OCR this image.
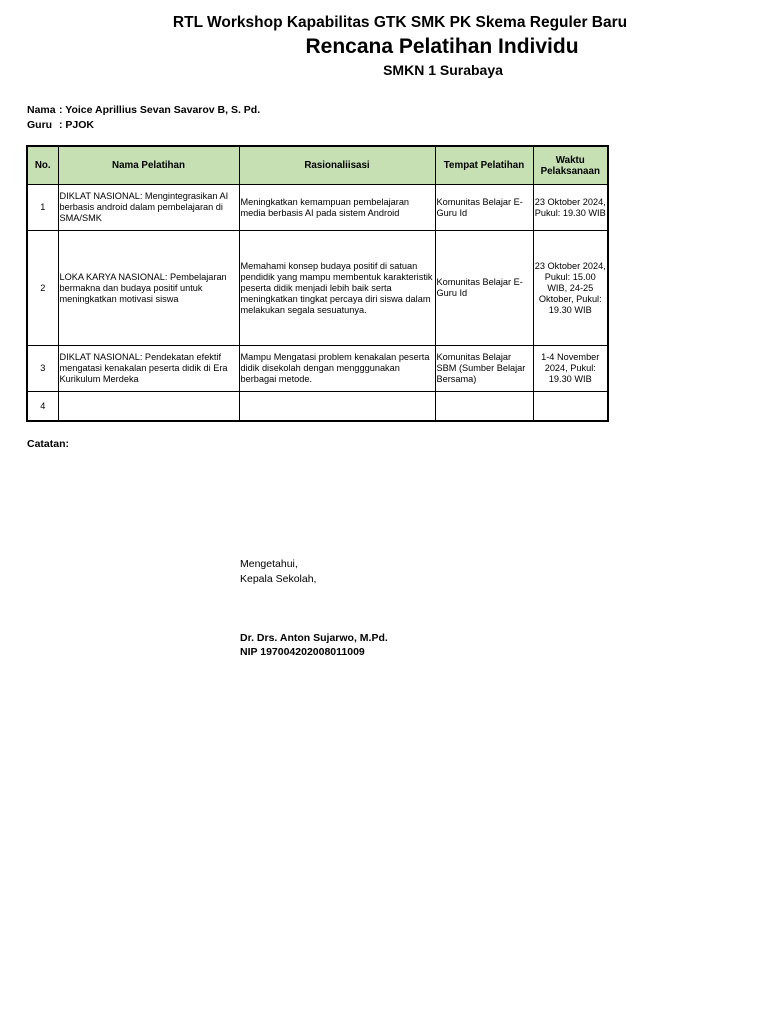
RTL Workshop Kapabilitas GTK SMK PK Skema Reguler Baru
Rencana Pelatihan Individu
SMKN 1 Surabaya
Nama : Yoice Aprillius Sevan Savarov B, S. Pd.
Guru : PJOK
No.	Nama Pelatihan	Rasionaliisasi	Tempat Pelatihan	Waktu Pelaksanaan
1	DIKLAT NASIONAL: Mengintegrasikan AI berbasis android dalam pembelajaran di SMA/SMK	Meningkatkan kemampuan pembelajaran media berbasis AI pada sistem Android	Komunitas Belajar E-Guru Id	23 Oktober 2024, Pukul: 19.30 WIB
2	LOKA KARYA NASIONAL: Pembelajaran bermakna dan budaya positif untuk meningkatkan motivasi siswa	Memahami konsep budaya positif di satuan pendidik yang mampu membentuk karakteristik peserta didik menjadi lebih baik serta meningkatkan tingkat percaya diri siswa dalam melakukan segala sesuatunya.	Komunitas Belajar E-Guru Id	23 Oktober 2024, Pukul: 15.00 WIB, 24-25 Oktober, Pukul: 19.30 WIB
3	DIKLAT NASIONAL: Pendekatan efektif mengatasi kenakalan peserta didik di Era Kurikulum Merdeka	Mampu Mengatasi problem kenakalan peserta didik disekolah dengan mengggunakan berbagai metode.	Komunitas Belajar SBM (Sumber Belajar Bersama)	1-4 November 2024, Pukul: 19.30 WIB
4				
Catatan:
Mengetahui,
Kepala Sekolah,
Dr. Drs. Anton Sujarwo, M.Pd.
NIP 197004202008011009
